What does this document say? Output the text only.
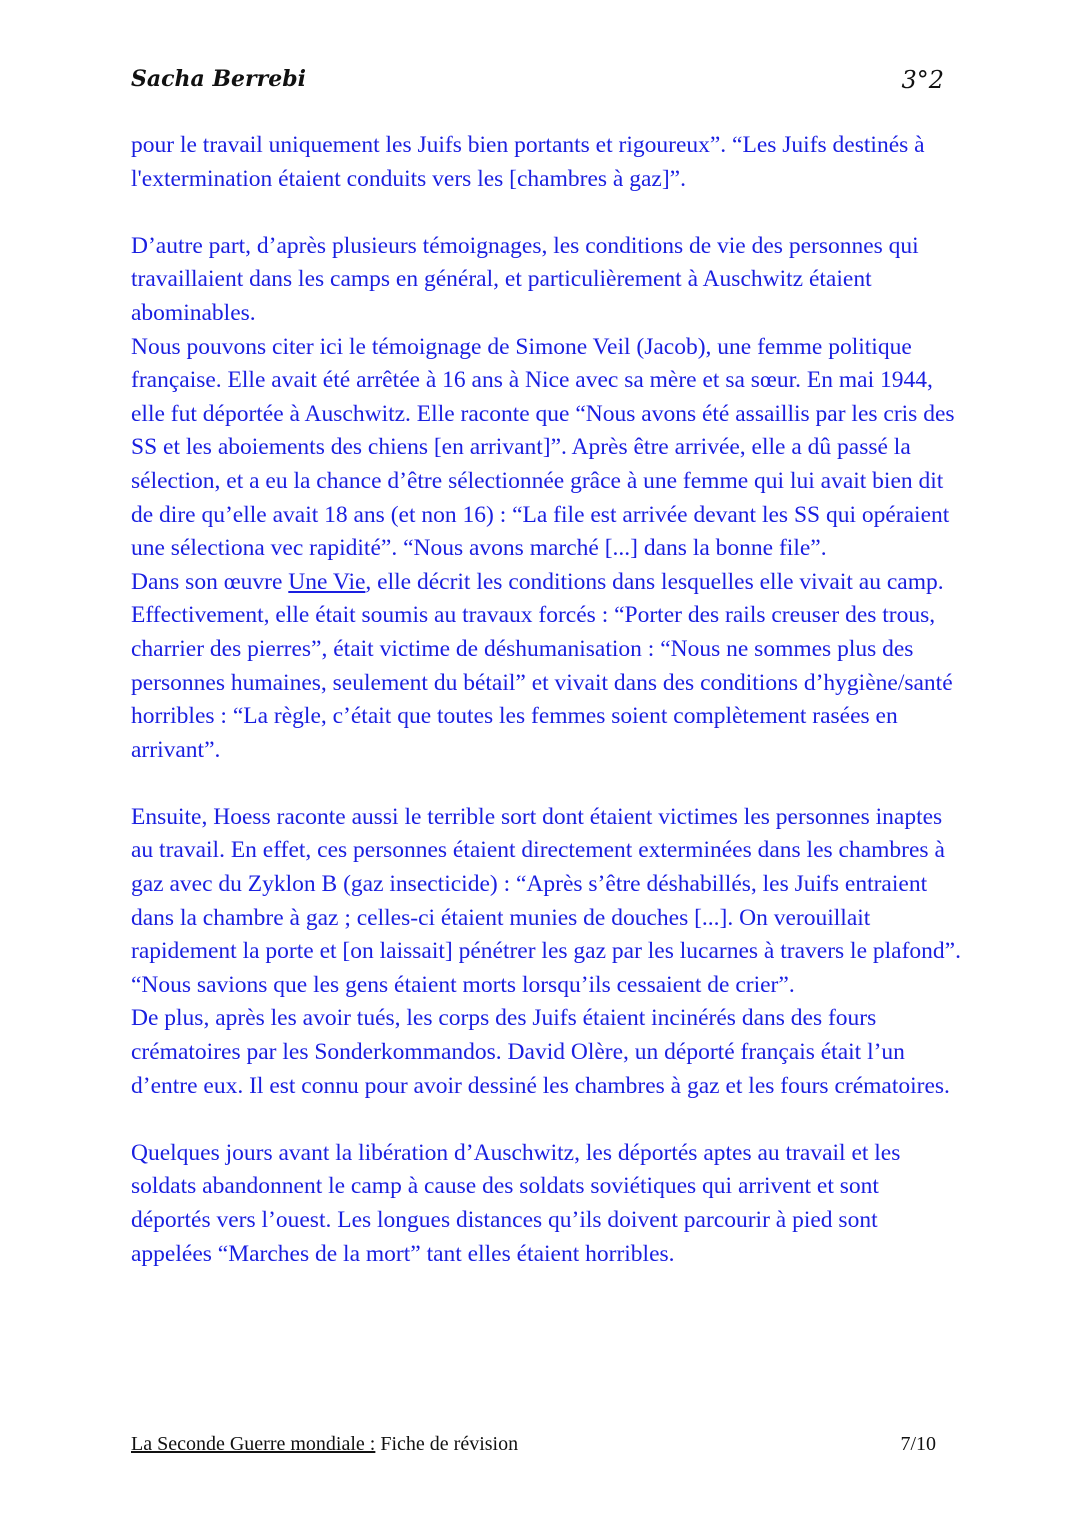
Sacha Berrebi	3°2

pour le travail uniquement les Juifs bien portants et rigoureux”. “Les Juifs destinés à l'extermination étaient conduits vers les [chambres à gaz]”.

D’autre part, d’après plusieurs témoignages, les conditions de vie des personnes qui travaillaient dans les camps en général, et particulièrement à Auschwitz étaient abominables.

Nous pouvons citer ici le témoignage de Simone Veil (Jacob), une femme politique française. Elle avait été arrêtée à 16 ans à Nice avec sa mère et sa sœur. En mai 1944, elle fut déportée à Auschwitz. Elle raconte que “Nous avons été assaillis par les cris des SS et les aboiements des chiens [en arrivant]”. Après être arrivée, elle a dû passé la sélection, et a eu la chance d’être sélectionnée grâce à une femme qui lui avait bien dit de dire qu’elle avait 18 ans (et non 16) : “La file est arrivée devant les SS qui opéraient une sélectiona vec rapidité”. “Nous avons marché [...] dans la bonne file”.

Dans son œuvre Une Vie, elle décrit les conditions dans lesquelles elle vivait au camp. Effectivement, elle était soumis au travaux forcés : “Porter des rails creuser des trous, charrier des pierres”, était victime de déshumanisation : “Nous ne sommes plus des personnes humaines, seulement du bétail” et vivait dans des conditions d’hygiène/santé horribles : “La règle, c’était que toutes les femmes soient complètement rasées en arrivant”.

Ensuite, Hoess raconte aussi le terrible sort dont étaient victimes les personnes inaptes au travail. En effet, ces personnes étaient directement exterminées dans les chambres à gaz avec du Zyklon B (gaz insecticide) : “Après s’être déshabillés, les Juifs entraient dans la chambre à gaz ; celles-ci étaient munies de douches [...]. On verouillait rapidement la porte et [on laissait] pénétrer les gaz par les lucarnes à travers le plafond”. “Nous savions que les gens étaient morts lorsqu’ils cessaient de crier”.

De plus, après les avoir tués, les corps des Juifs étaient incinérés dans des fours crématoires par les Sonderkommandos. David Olère, un déporté français était l’un d’entre eux. Il est connu pour avoir dessiné les chambres à gaz et les fours crématoires.

Quelques jours avant la libération d’Auschwitz, les déportés aptes au travail et les soldats abandonnent le camp à cause des soldats soviétiques qui arrivent et sont déportés vers l’ouest. Les longues distances qu’ils doivent parcourir à pied sont appelées “Marches de la mort” tant elles étaient horribles.

La Seconde Guerre mondiale : Fiche de révision	7/10
